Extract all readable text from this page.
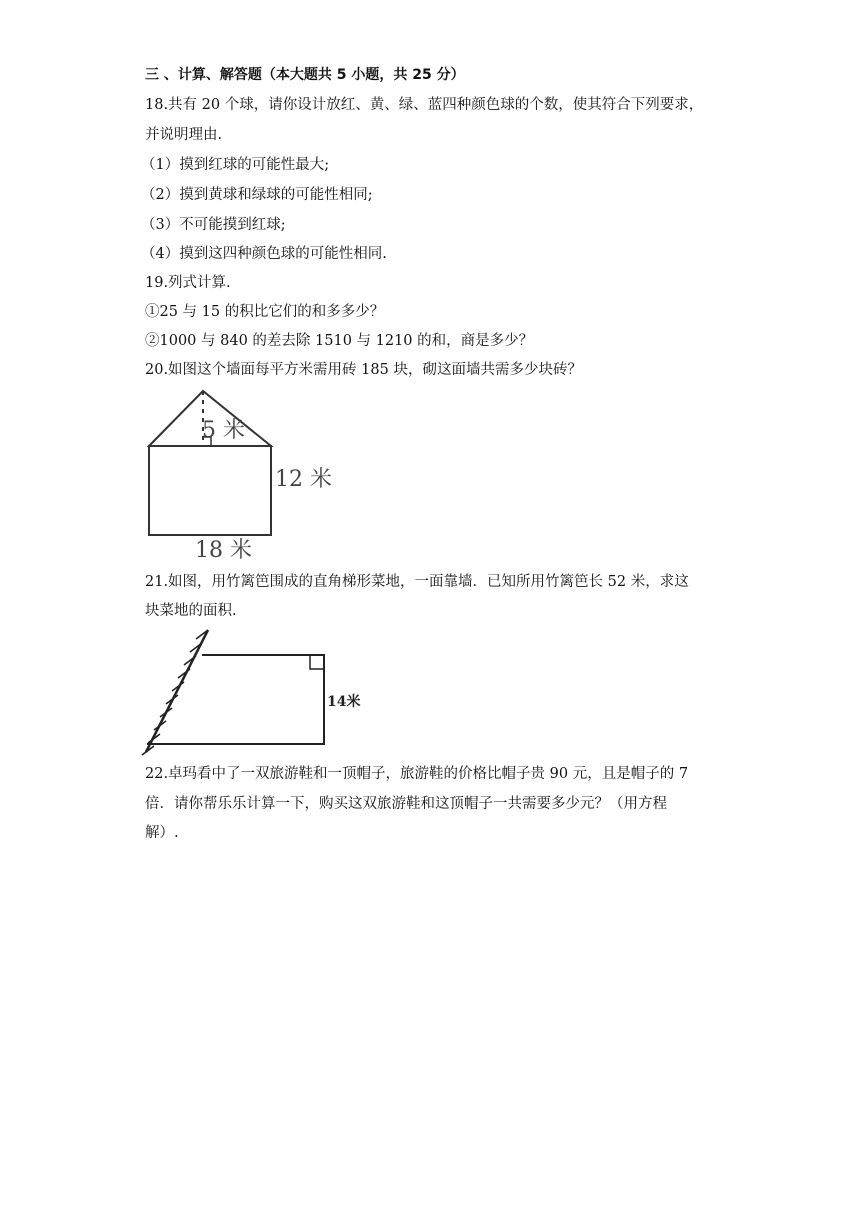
三 、计算、解答题（本大题共 5 小题，共 25 分）
18.共有 20 个球，请你设计放红、黄、绿、蓝四种颜色球的个数，使其符合下列要求，
并说明理由.
（1）摸到红球的可能性最大;
（2）摸到黄球和绿球的可能性相同;
（3）不可能摸到红球;
（4）摸到这四种颜色球的可能性相同.
19.列式计算.
①25 与 15 的积比它们的和多多少？
②1000 与 840 的差去除 1510 与 1210 的和，商是多少？
20.如图这个墙面每平方米需用砖 185 块，砌这面墙共需多少块砖？
5 米
12 米
18 米
21.如图，用竹篱笆围成的直角梯形菜地，一面靠墙．已知所用竹篱笆长 52 米，求这
块菜地的面积.
14米
22.卓玛看中了一双旅游鞋和一顶帽子，旅游鞋的价格比帽子贵 90 元，且是帽子的 7
倍．请你帮乐乐计算一下，购买这双旅游鞋和这顶帽子一共需要多少元？（用方程
解）.
